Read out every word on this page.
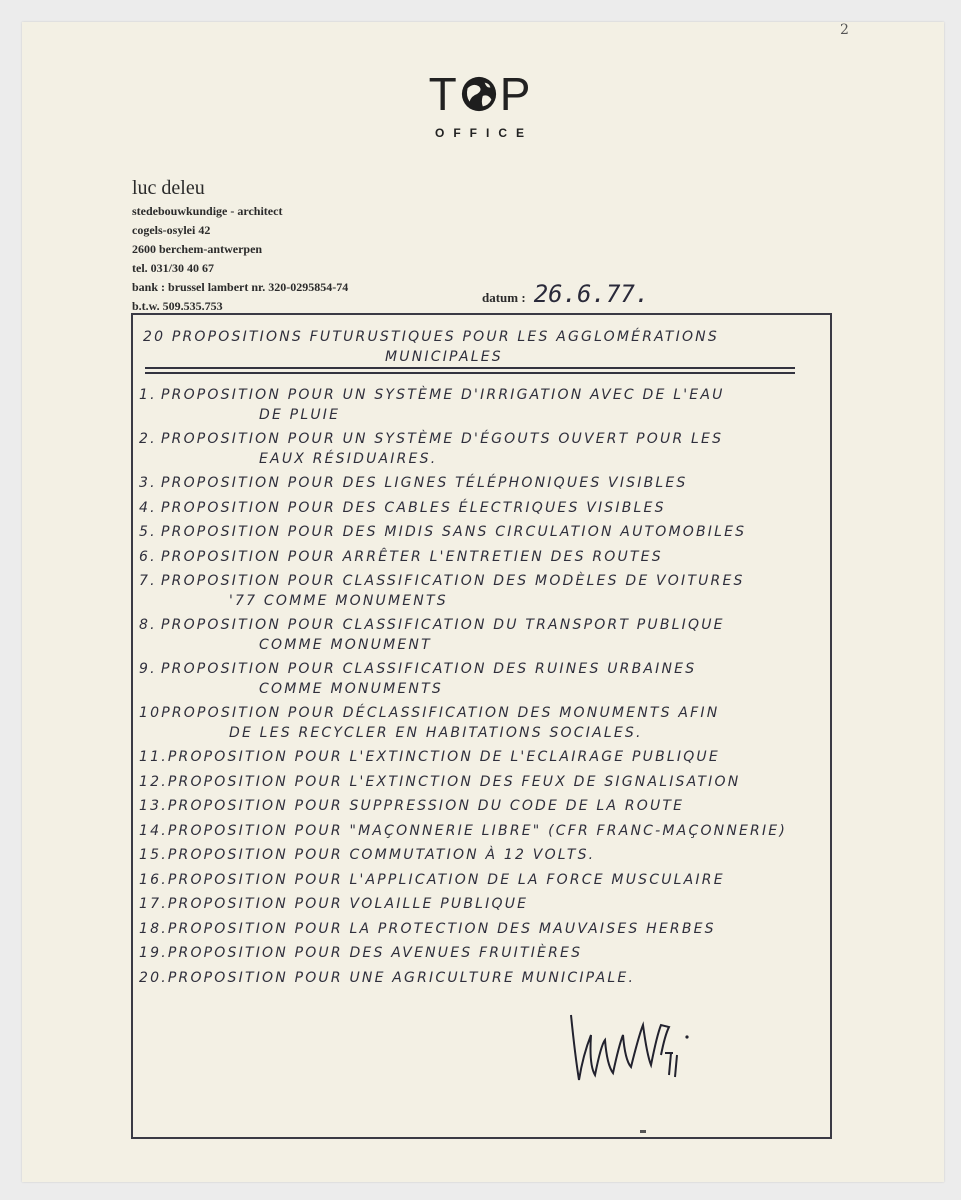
2
T P
OFFICE
luc deleu
stedebouwkundige - architect
cogels-osylei 42
2600 berchem-antwerpen
tel. 031/30 40 67
bank : brussel lambert nr. 320-0295854-74
b.t.w. 509.535.753
datum : 26.6.77.
20 PROPOSITIONS FUTURUSTIQUES POUR LES AGGLOMÉRATIONS
MUNICIPALES
1. PROPOSITION POUR UN SYSTÈME D'IRRIGATION AVEC DE L'EAU
DE PLUIE
2. PROPOSITION POUR UN SYSTÈME D'ÉGOUTS OUVERT POUR LES
EAUX RÉSIDUAIRES.
3. PROPOSITION POUR DES LIGNES TÉLÉPHONIQUES VISIBLES
4. PROPOSITION POUR DES CABLES ÉLECTRIQUES VISIBLES
5. PROPOSITION POUR DES MIDIS SANS CIRCULATION AUTOMOBILES
6. PROPOSITION POUR ARRÊTER L'ENTRETIEN DES ROUTES
7. PROPOSITION POUR CLASSIFICATION DES MODÈLES DE VOITURES
'77 COMME MONUMENTS
8. PROPOSITION POUR CLASSIFICATION DU TRANSPORT PUBLIQUE
COMME MONUMENT
9. PROPOSITION POUR CLASSIFICATION DES RUINES URBAINES
COMME MONUMENTS
10PROPOSITION POUR DÉCLASSIFICATION DES MONUMENTS AFIN
DE LES RECYCLER EN HABITATIONS SOCIALES.
11.PROPOSITION POUR L'EXTINCTION DE L'ECLAIRAGE PUBLIQUE
12.PROPOSITION POUR L'EXTINCTION DES FEUX DE SIGNALISATION
13.PROPOSITION POUR SUPPRESSION DU CODE DE LA ROUTE
14.PROPOSITION POUR "MAÇONNERIE LIBRE" (CFR FRANC-MAÇONNERIE)
15.PROPOSITION POUR COMMUTATION À 12 VOLTS.
16.PROPOSITION POUR L'APPLICATION DE LA FORCE MUSCULAIRE
17.PROPOSITION POUR VOLAILLE PUBLIQUE
18.PROPOSITION POUR LA PROTECTION DES MAUVAISES HERBES
19.PROPOSITION POUR DES AVENUES FRUITIÈRES
20.PROPOSITION POUR UNE AGRICULTURE MUNICIPALE.
